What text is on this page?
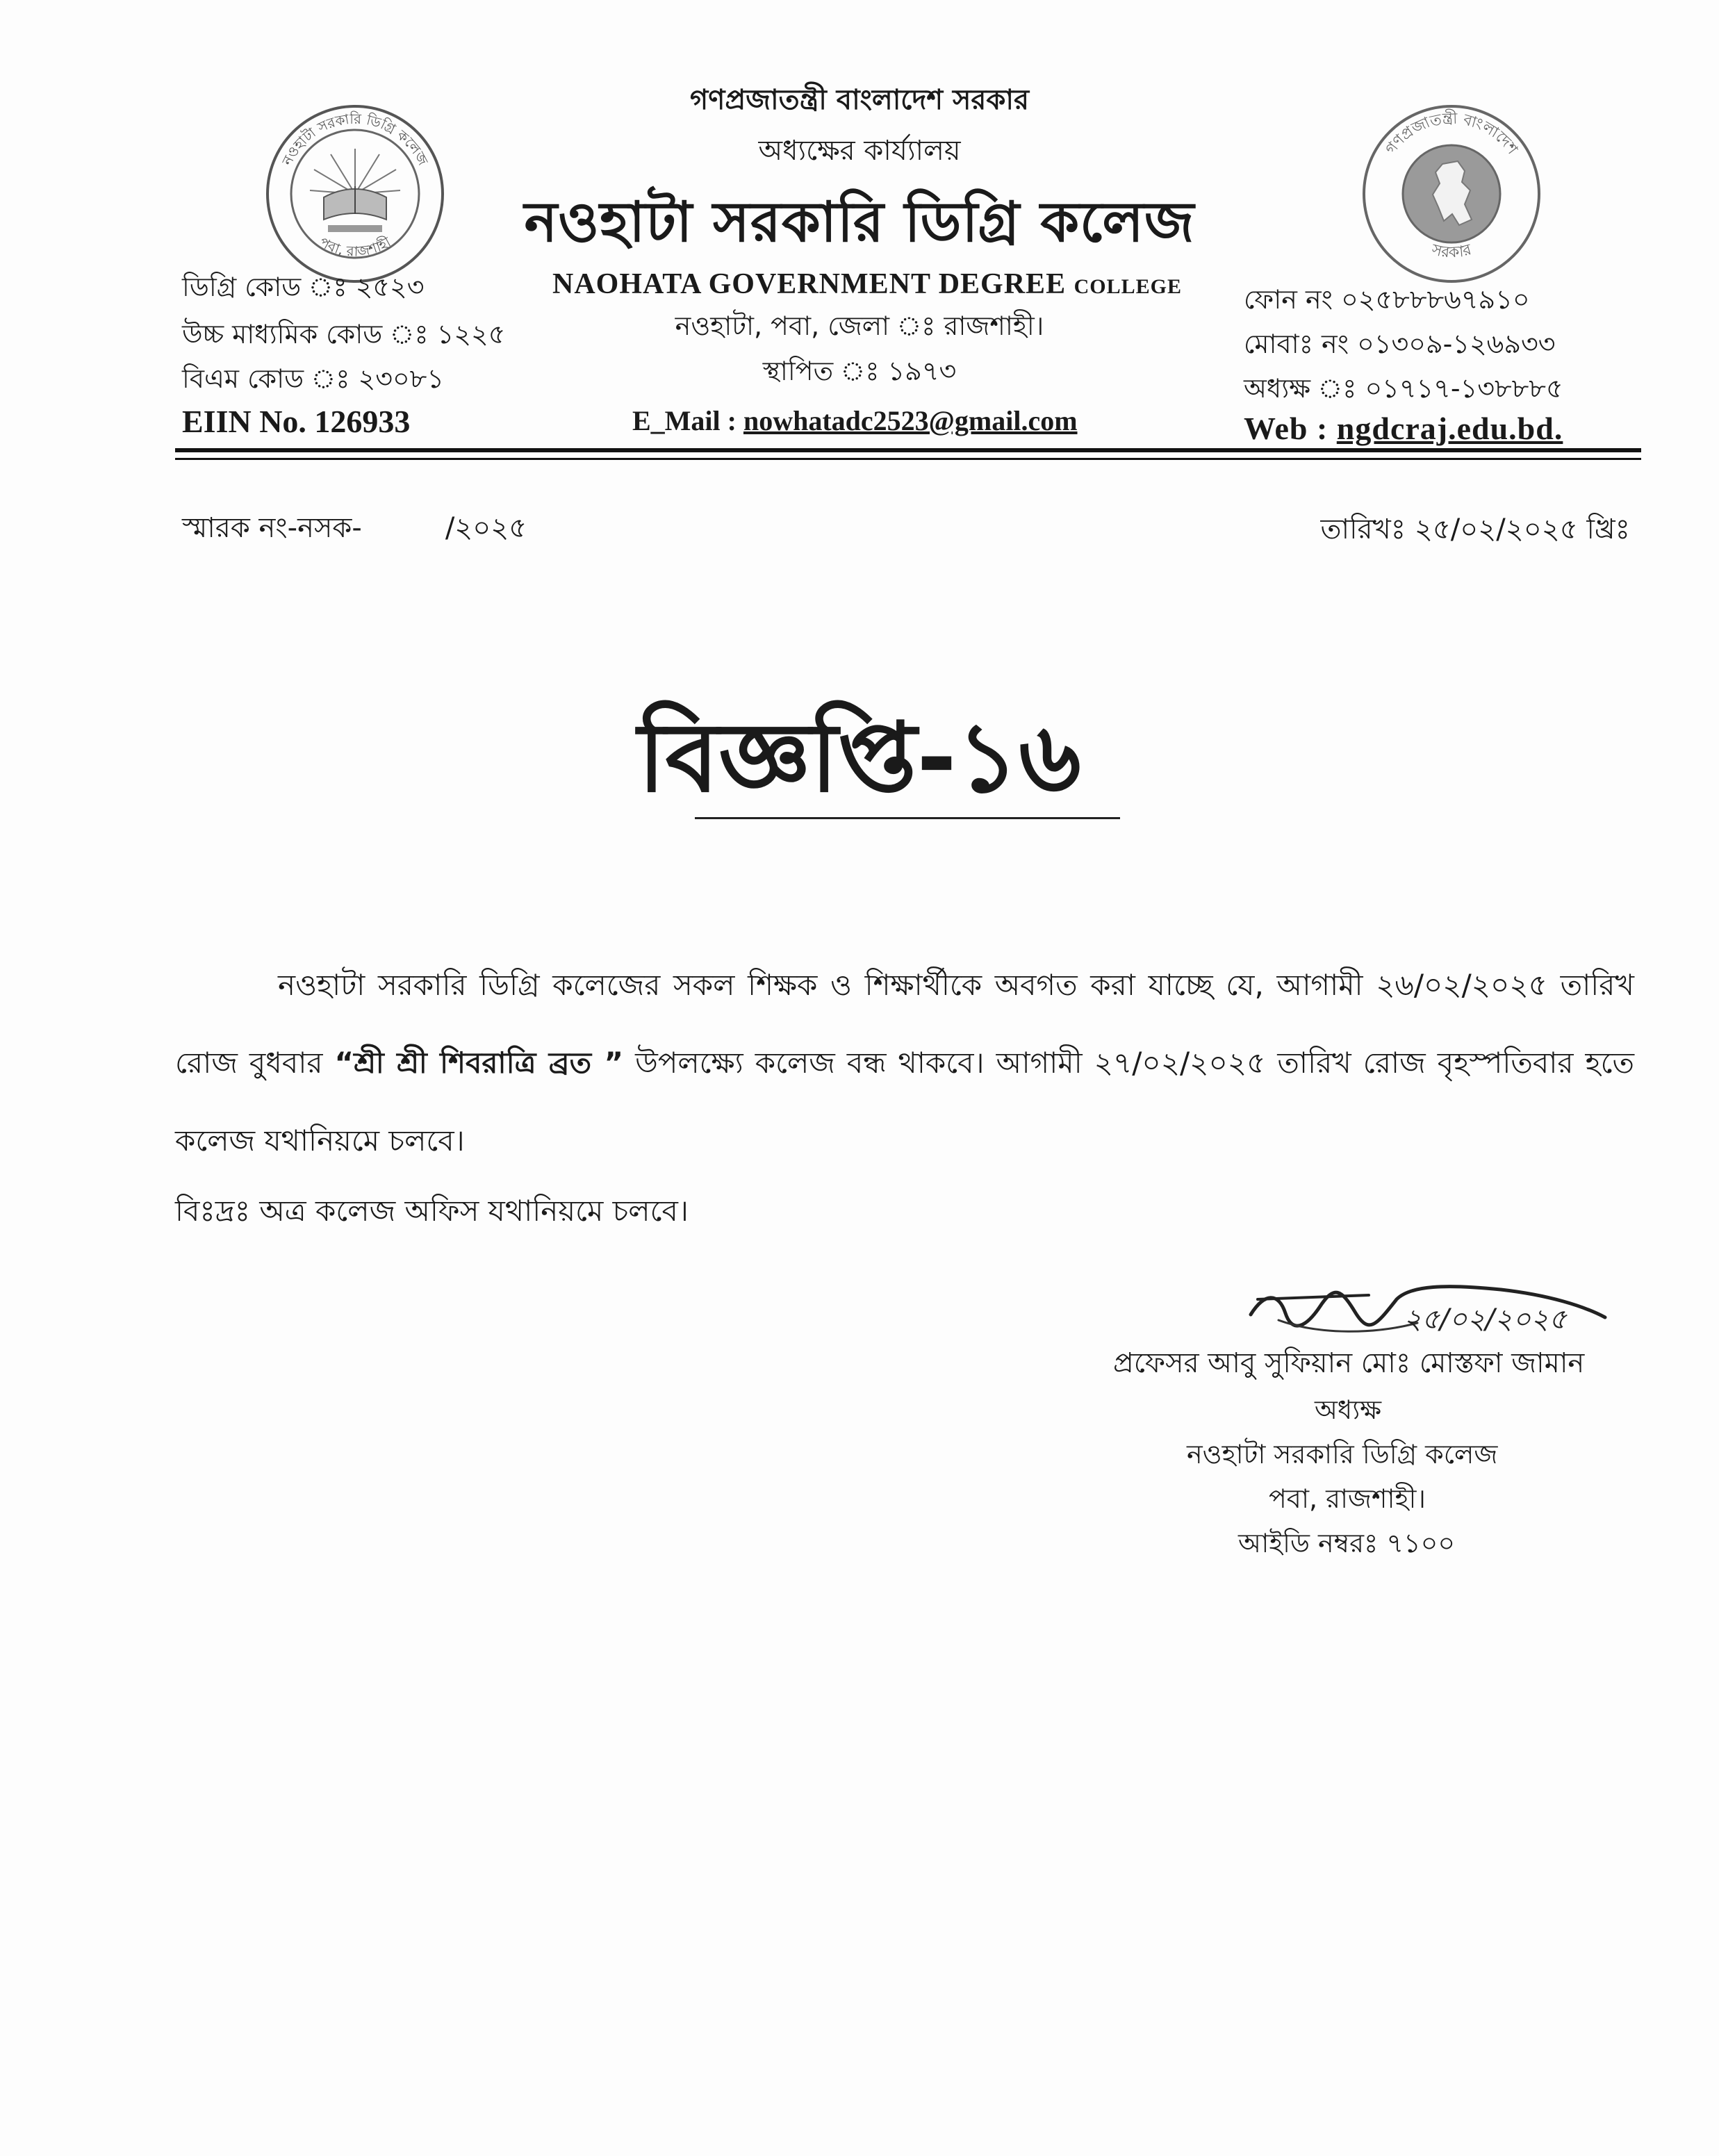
নওহাটা সরকারি ডিগ্রি কলেজ
পবা, রাজশাহী
গণপ্রজাতন্ত্রী বাংলাদেশ
সরকার
গণপ্রজাতন্ত্রী বাংলাদেশ সরকার
অধ্যক্ষের কার্য্যালয়
নওহাটা সরকারি ডিগ্রি কলেজ
NAOHATA GOVERNMENT DEGREE COLLEGE
নওহাটা, পবা, জেলা ঃ রাজশাহী।
স্থাপিত ঃ ১৯৭৩
E_Mail : nowhatadc2523@gmail.com
ডিগ্রি কোড ঃ ২৫২৩
উচ্চ মাধ্যমিক কোড ঃ ১২২৫
বিএম কোড ঃ ২৩০৮১
EIIN No. 126933
ফোন নং ০২৫৮৮৮৬৭৯১০
মোবাঃ নং ০১৩০৯-১২৬৯৩৩
অধ্যক্ষ ঃ ০১৭১৭-১৩৮৮৮৫
Web : ngdcraj.edu.bd.
স্মারক নং-নসক-	/২০২৫	তারিখঃ ২৫/০২/২০২৫ খ্রিঃ
বিজ্ঞপ্তি-১৬
নওহাটা সরকারি ডিগ্রি কলেজের সকল শিক্ষক ও শিক্ষার্থীকে অবগত করা যাচ্ছে যে, আগামী ২৬/০২/২০২৫ তারিখ রোজ বুধবার “শ্রী শ্রী শিবরাত্রি ব্রত ” উপলক্ষ্যে কলেজ বন্ধ থাকবে। আগামী ২৭/০২/২০২৫ তারিখ রোজ বৃহস্পতিবার হতে কলেজ যথানিয়মে চলবে।
বিঃদ্রঃ অত্র কলেজ অফিস যথানিয়মে চলবে।
২৫/০২/২০২৫
প্রফেসর আবু সুফিয়ান মোঃ মোস্তফা জামান
অধ্যক্ষ
নওহাটা সরকারি ডিগ্রি কলেজ
পবা, রাজশাহী।
আইডি নম্বরঃ ৭১০০
